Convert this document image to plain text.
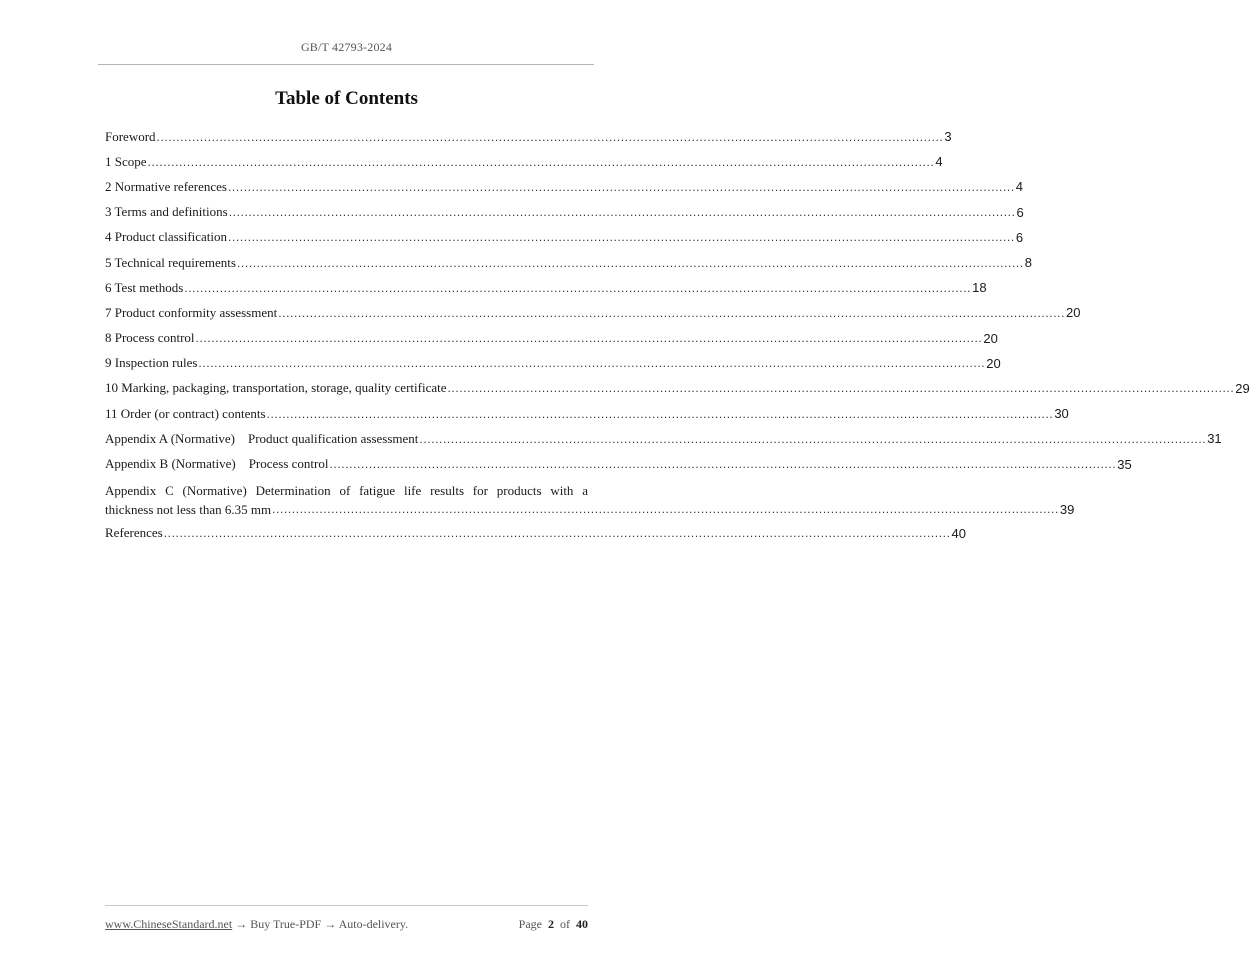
GB/T 42793-2024
Table of Contents
Foreword ........................................................................................................................................................................................................ 3
1 Scope ........................................................................................................................................................................................................ 4
2 Normative references ........................................................................................................................................................................................................ 4
3 Terms and definitions ........................................................................................................................................................................................................ 6
4 Product classification ........................................................................................................................................................................................................ 6
5 Technical requirements ........................................................................................................................................................................................................ 8
6 Test methods ........................................................................................................................................................................................................ 18
7 Product conformity assessment ........................................................................................................................................................................................................ 20
8 Process control ........................................................................................................................................................................................................ 20
9 Inspection rules ........................................................................................................................................................................................................ 20
10 Marking, packaging, transportation, storage, quality certificate ........................................................................................................................................................................................................ 29
11 Order (or contract) contents ........................................................................................................................................................................................................ 30
Appendix A (Normative)    Product qualification assessment ........................................................................................................................................................................................................ 31
Appendix B (Normative)    Process control ........................................................................................................................................................................................................ 35
Appendix C (Normative) Determination of fatigue life results for products with a
thickness not less than 6.35 mm ........................................................................................................................................................................................................ 39
References ........................................................................................................................................................................................................ 40
www.ChineseStandard.net → Buy True-PDF → Auto-delivery.	Page 2 of 40
